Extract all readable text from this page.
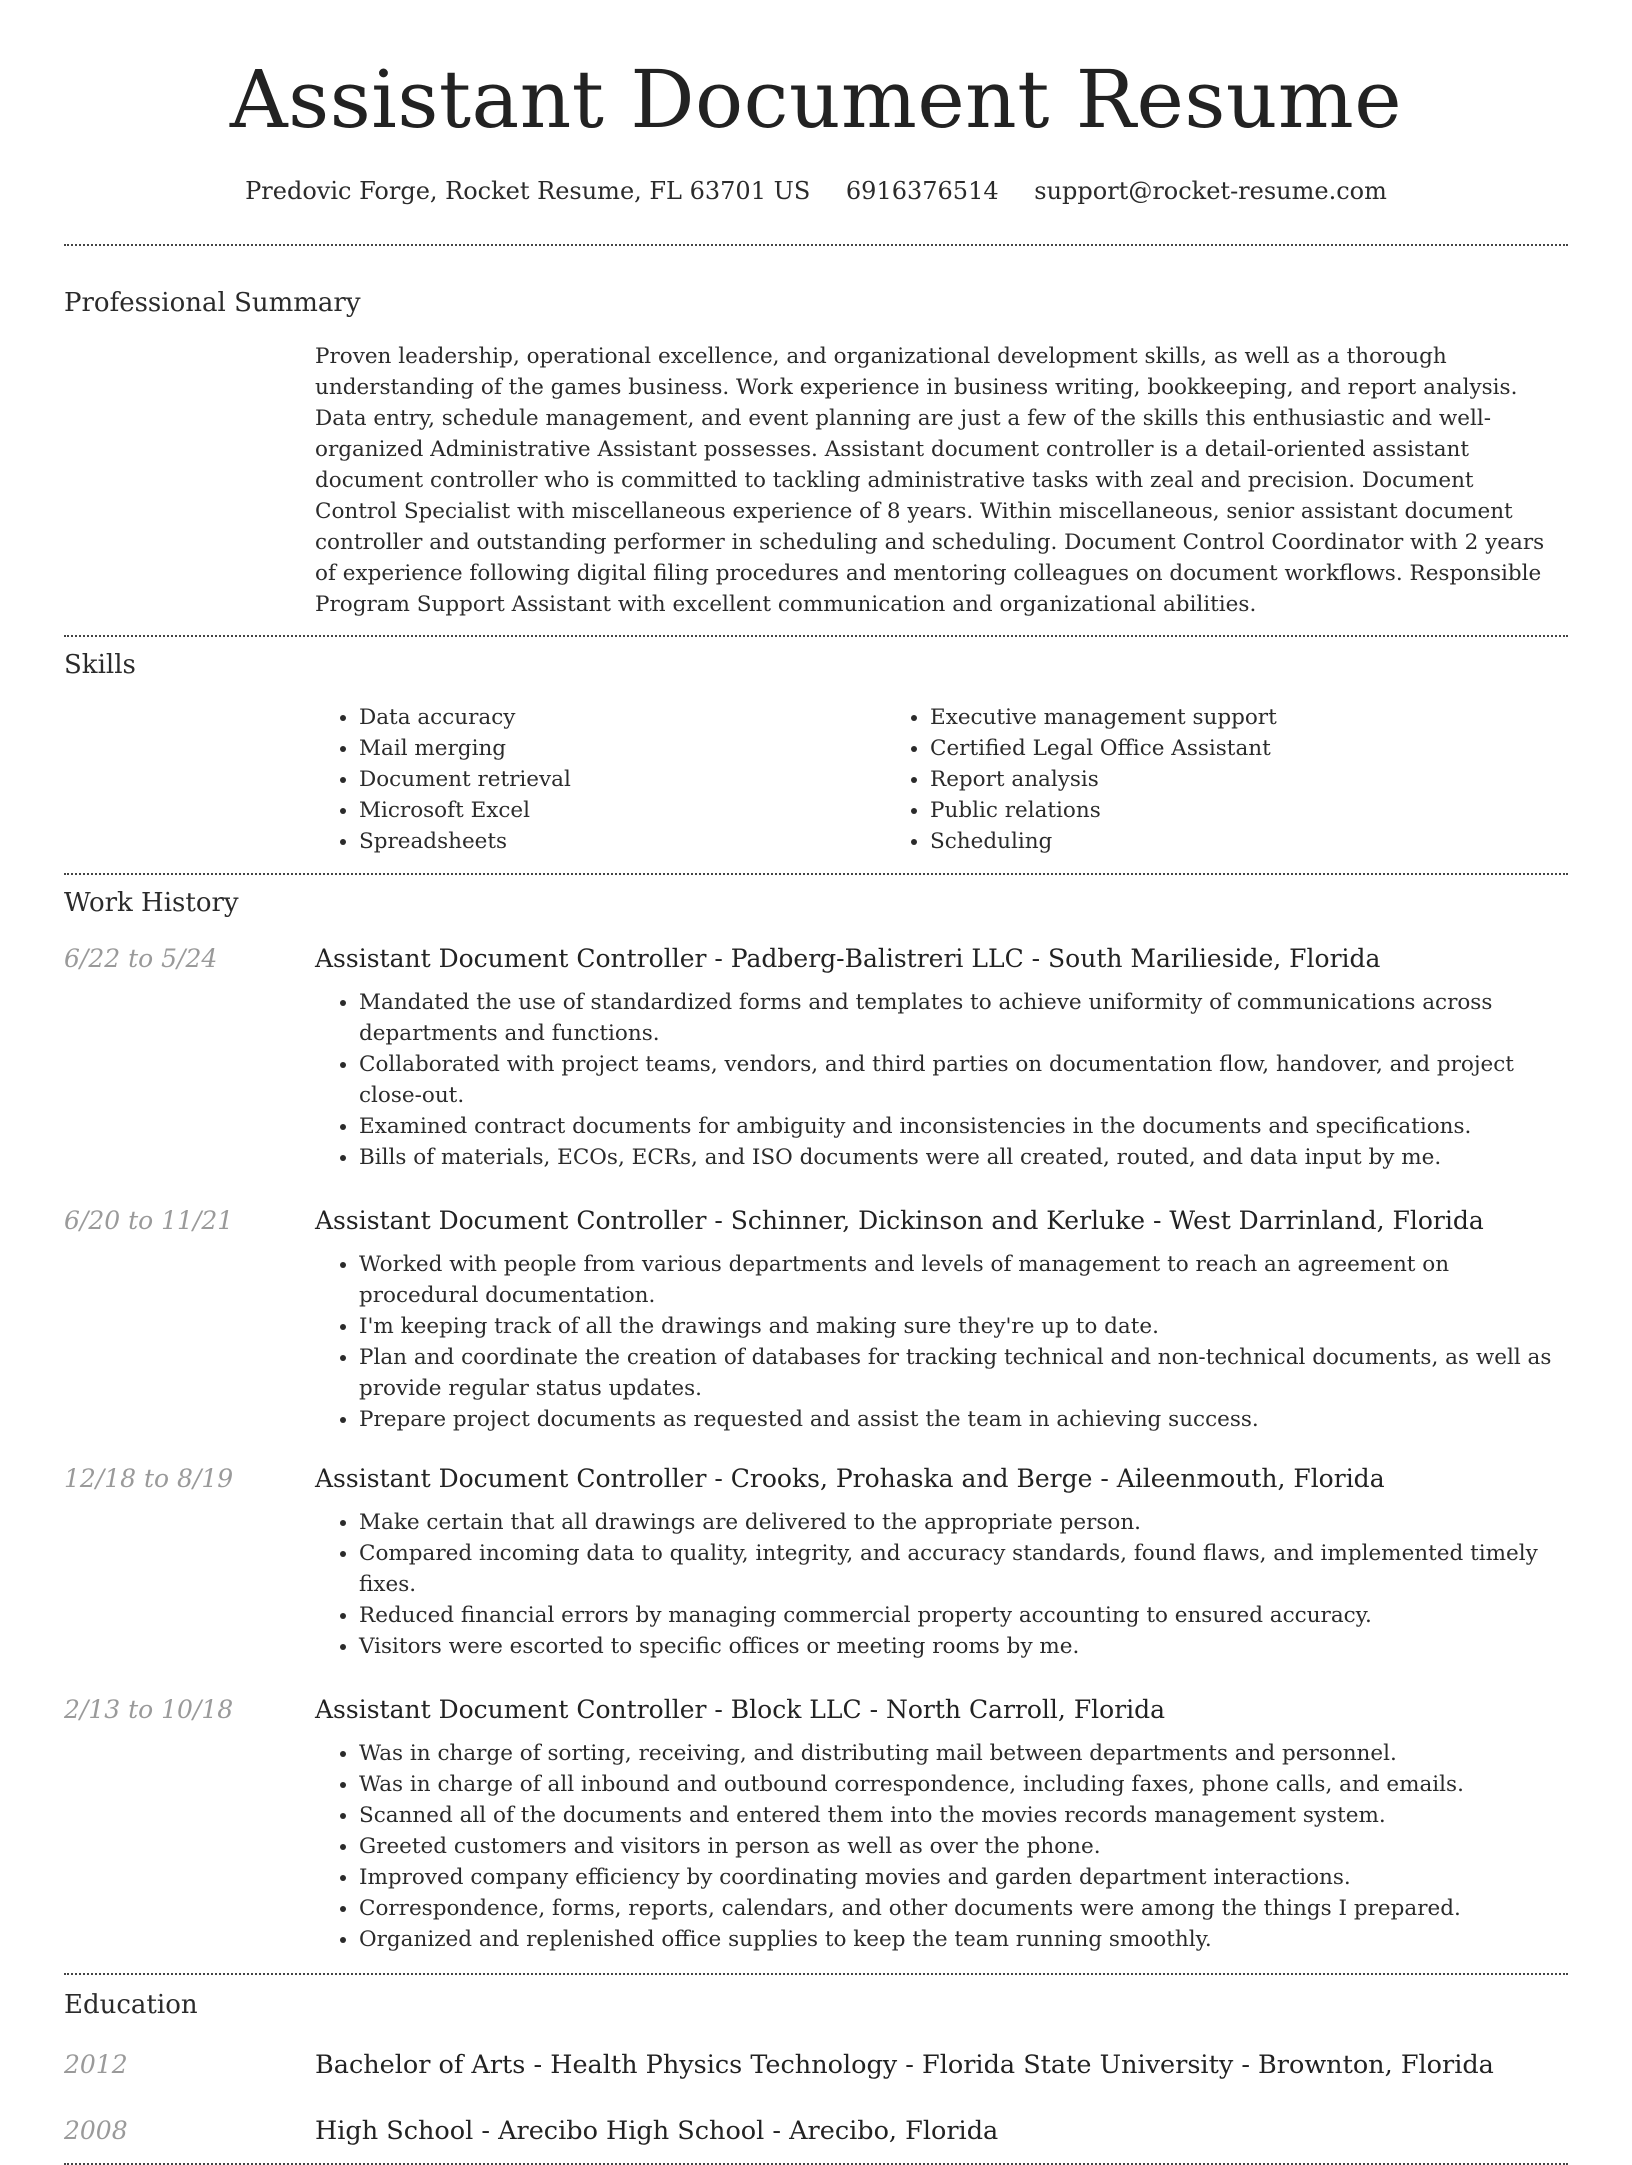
Assistant Document Resume
Predovic Forge, Rocket Resume, FL 63701 US 6916376514 support@rocket-resume.com
Professional Summary

Proven leadership, operational excellence, and organizational development skills, as well as a thorough understanding of the games business. Work experience in business writing, bookkeeping, and report analysis. Data entry, schedule management, and event planning are just a few of the skills this enthusiastic and well-organized Administrative Assistant possesses. Assistant document controller is a detail-oriented assistant document controller who is committed to tackling administrative tasks with zeal and precision. Document Control Specialist with miscellaneous experience of 8 years. Within miscellaneous, senior assistant document controller and outstanding performer in scheduling and scheduling. Document Control Coordinator with 2 years of experience following digital filing procedures and mentoring colleagues on document workflows. Responsible Program Support Assistant with excellent communication and organizational abilities.

Skills
• Data accuracy
• Mail merging
• Document retrieval
• Microsoft Excel
• Spreadsheets
• Executive management support
• Certified Legal Office Assistant
• Report analysis
• Public relations
• Scheduling
Work History
6/22 to 5/24	Assistant Document Controller - Padberg-Balistreri LLC - South Marilieside, Florida
• Mandated the use of standardized forms and templates to achieve uniformity of communications across departments and functions.
• Collaborated with project teams, vendors, and third parties on documentation flow, handover, and project close-out.
• Examined contract documents for ambiguity and inconsistencies in the documents and specifications.
• Bills of materials, ECOs, ECRs, and ISO documents were all created, routed, and data input by me.
6/20 to 11/21	Assistant Document Controller - Schinner, Dickinson and Kerluke - West Darrinland, Florida
• Worked with people from various departments and levels of management to reach an agreement on procedural documentation.
• I'm keeping track of all the drawings and making sure they're up to date.
• Plan and coordinate the creation of databases for tracking technical and non-technical documents, as well as provide regular status updates.
• Prepare project documents as requested and assist the team in achieving success.
12/18 to 8/19	Assistant Document Controller - Crooks, Prohaska and Berge - Aileenmouth, Florida
• Make certain that all drawings are delivered to the appropriate person.
• Compared incoming data to quality, integrity, and accuracy standards, found flaws, and implemented timely fixes.
• Reduced financial errors by managing commercial property accounting to ensured accuracy.
• Visitors were escorted to specific offices or meeting rooms by me.
2/13 to 10/18	Assistant Document Controller - Block LLC - North Carroll, Florida
• Was in charge of sorting, receiving, and distributing mail between departments and personnel.
• Was in charge of all inbound and outbound correspondence, including faxes, phone calls, and emails.
• Scanned all of the documents and entered them into the movies records management system.
• Greeted customers and visitors in person as well as over the phone.
• Improved company efficiency by coordinating movies and garden department interactions.
• Correspondence, forms, reports, calendars, and other documents were among the things I prepared.
• Organized and replenished office supplies to keep the team running smoothly.
Education
2012	Bachelor of Arts - Health Physics Technology - Florida State University - Brownton, Florida
2008	High School - Arecibo High School - Arecibo, Florida
